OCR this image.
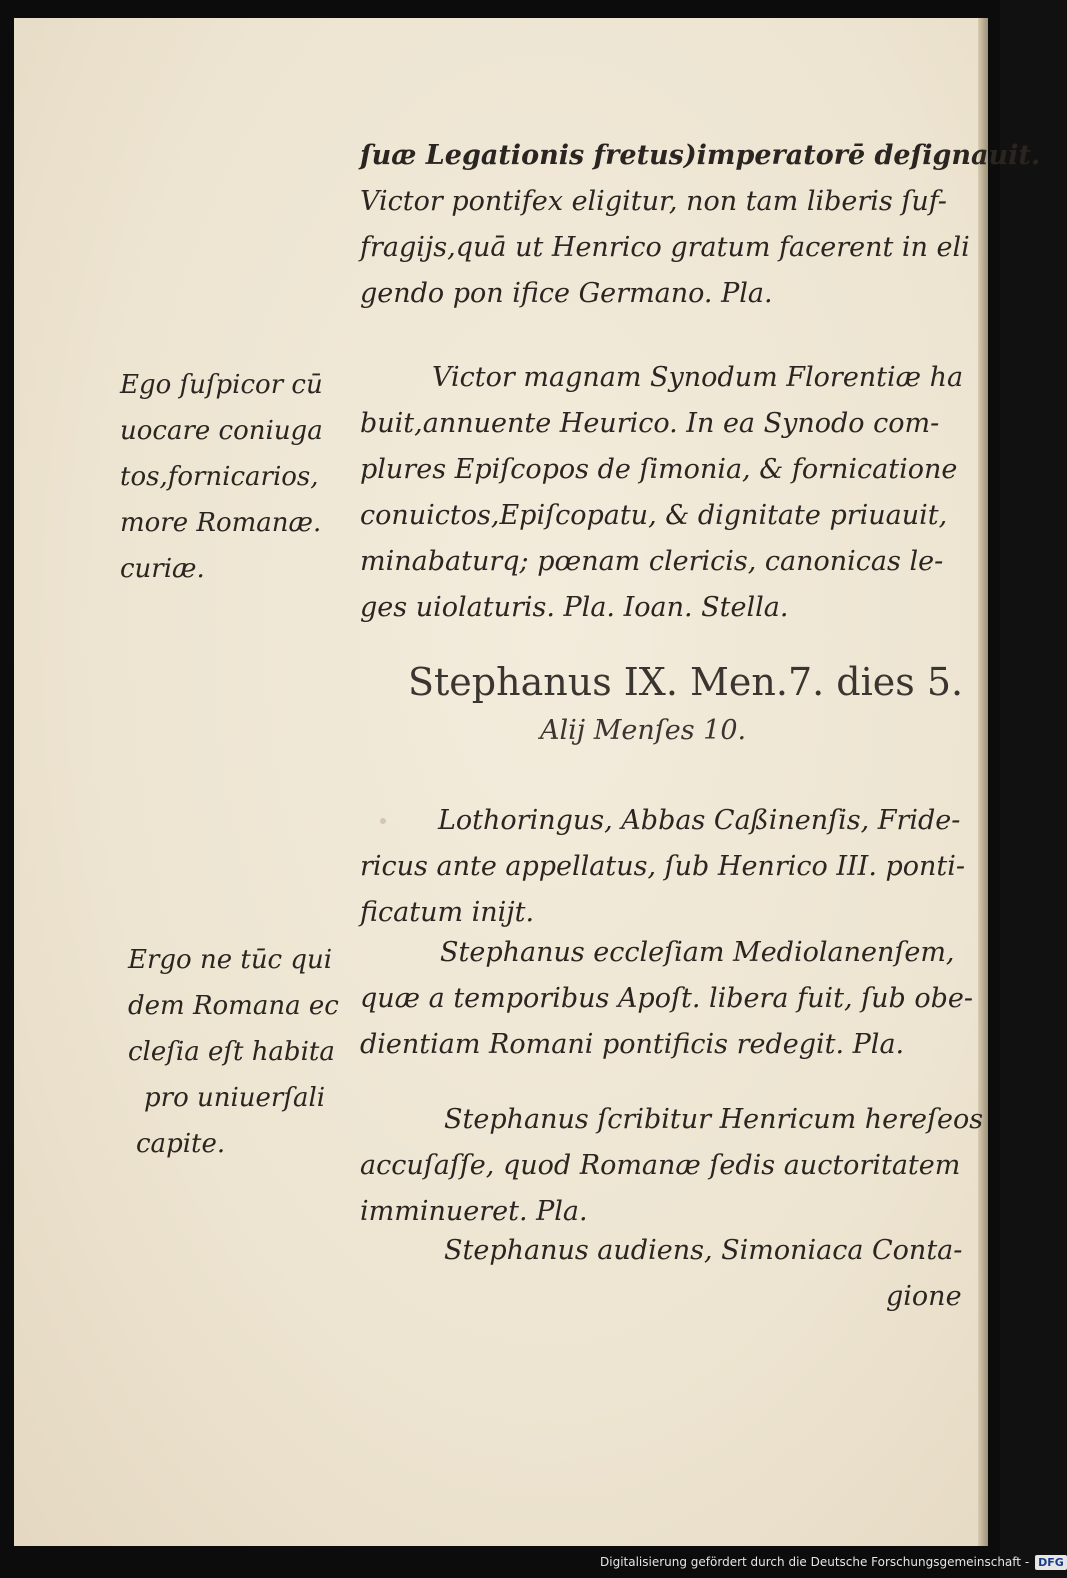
ſuæ Legationis fretus)imperatorē deſignauit.
Victor pontifex eligitur, non tam liberis ſuf-
fragijs,quā ut Henrico gratum facerent in eli
gendo pon ifice Germano. Pla.
Victor magnam Synodum Florentiæ ha
buit,annuente Heurico. In ea Synodo com-
plures Epiſcopos de ſimonia, & fornicatione
conuictos,Epiſcopatu, & dignitate priuauit,
minabaturq; pœnam clericis, canonicas le-
ges uiolaturis. Pla. Ioan. Stella.
Ego ſuſpicor cū
uocare coniuga
tos,fornicarios,
more Romanæ.
curiæ.
Stephanus IX. Men.7. dies 5.
Alij Menſes 10.
Lothoringus, Abbas Caßinenſis, Fride-
ricus ante appellatus, ſub Henrico III. ponti-
ficatum inijt.
Stephanus eccleſiam Mediolanenſem,
quæ a temporibus Apoſt. libera fuit, ſub obe-
dientiam Romani pontificis redegit. Pla.
Ergo ne tūc qui
dem Romana ec
cleſia eſt habita
pro uniuerſali
capite.
Stephanus ſcribitur Henricum hereſeos
accuſaſſe, quod Romanæ ſedis auctoritatem
imminueret. Pla.
Stephanus audiens, Simoniaca Conta-
gione
Digitalisierung gefördert durch die Deutsche Forschungsgemeinschaft - DFG
